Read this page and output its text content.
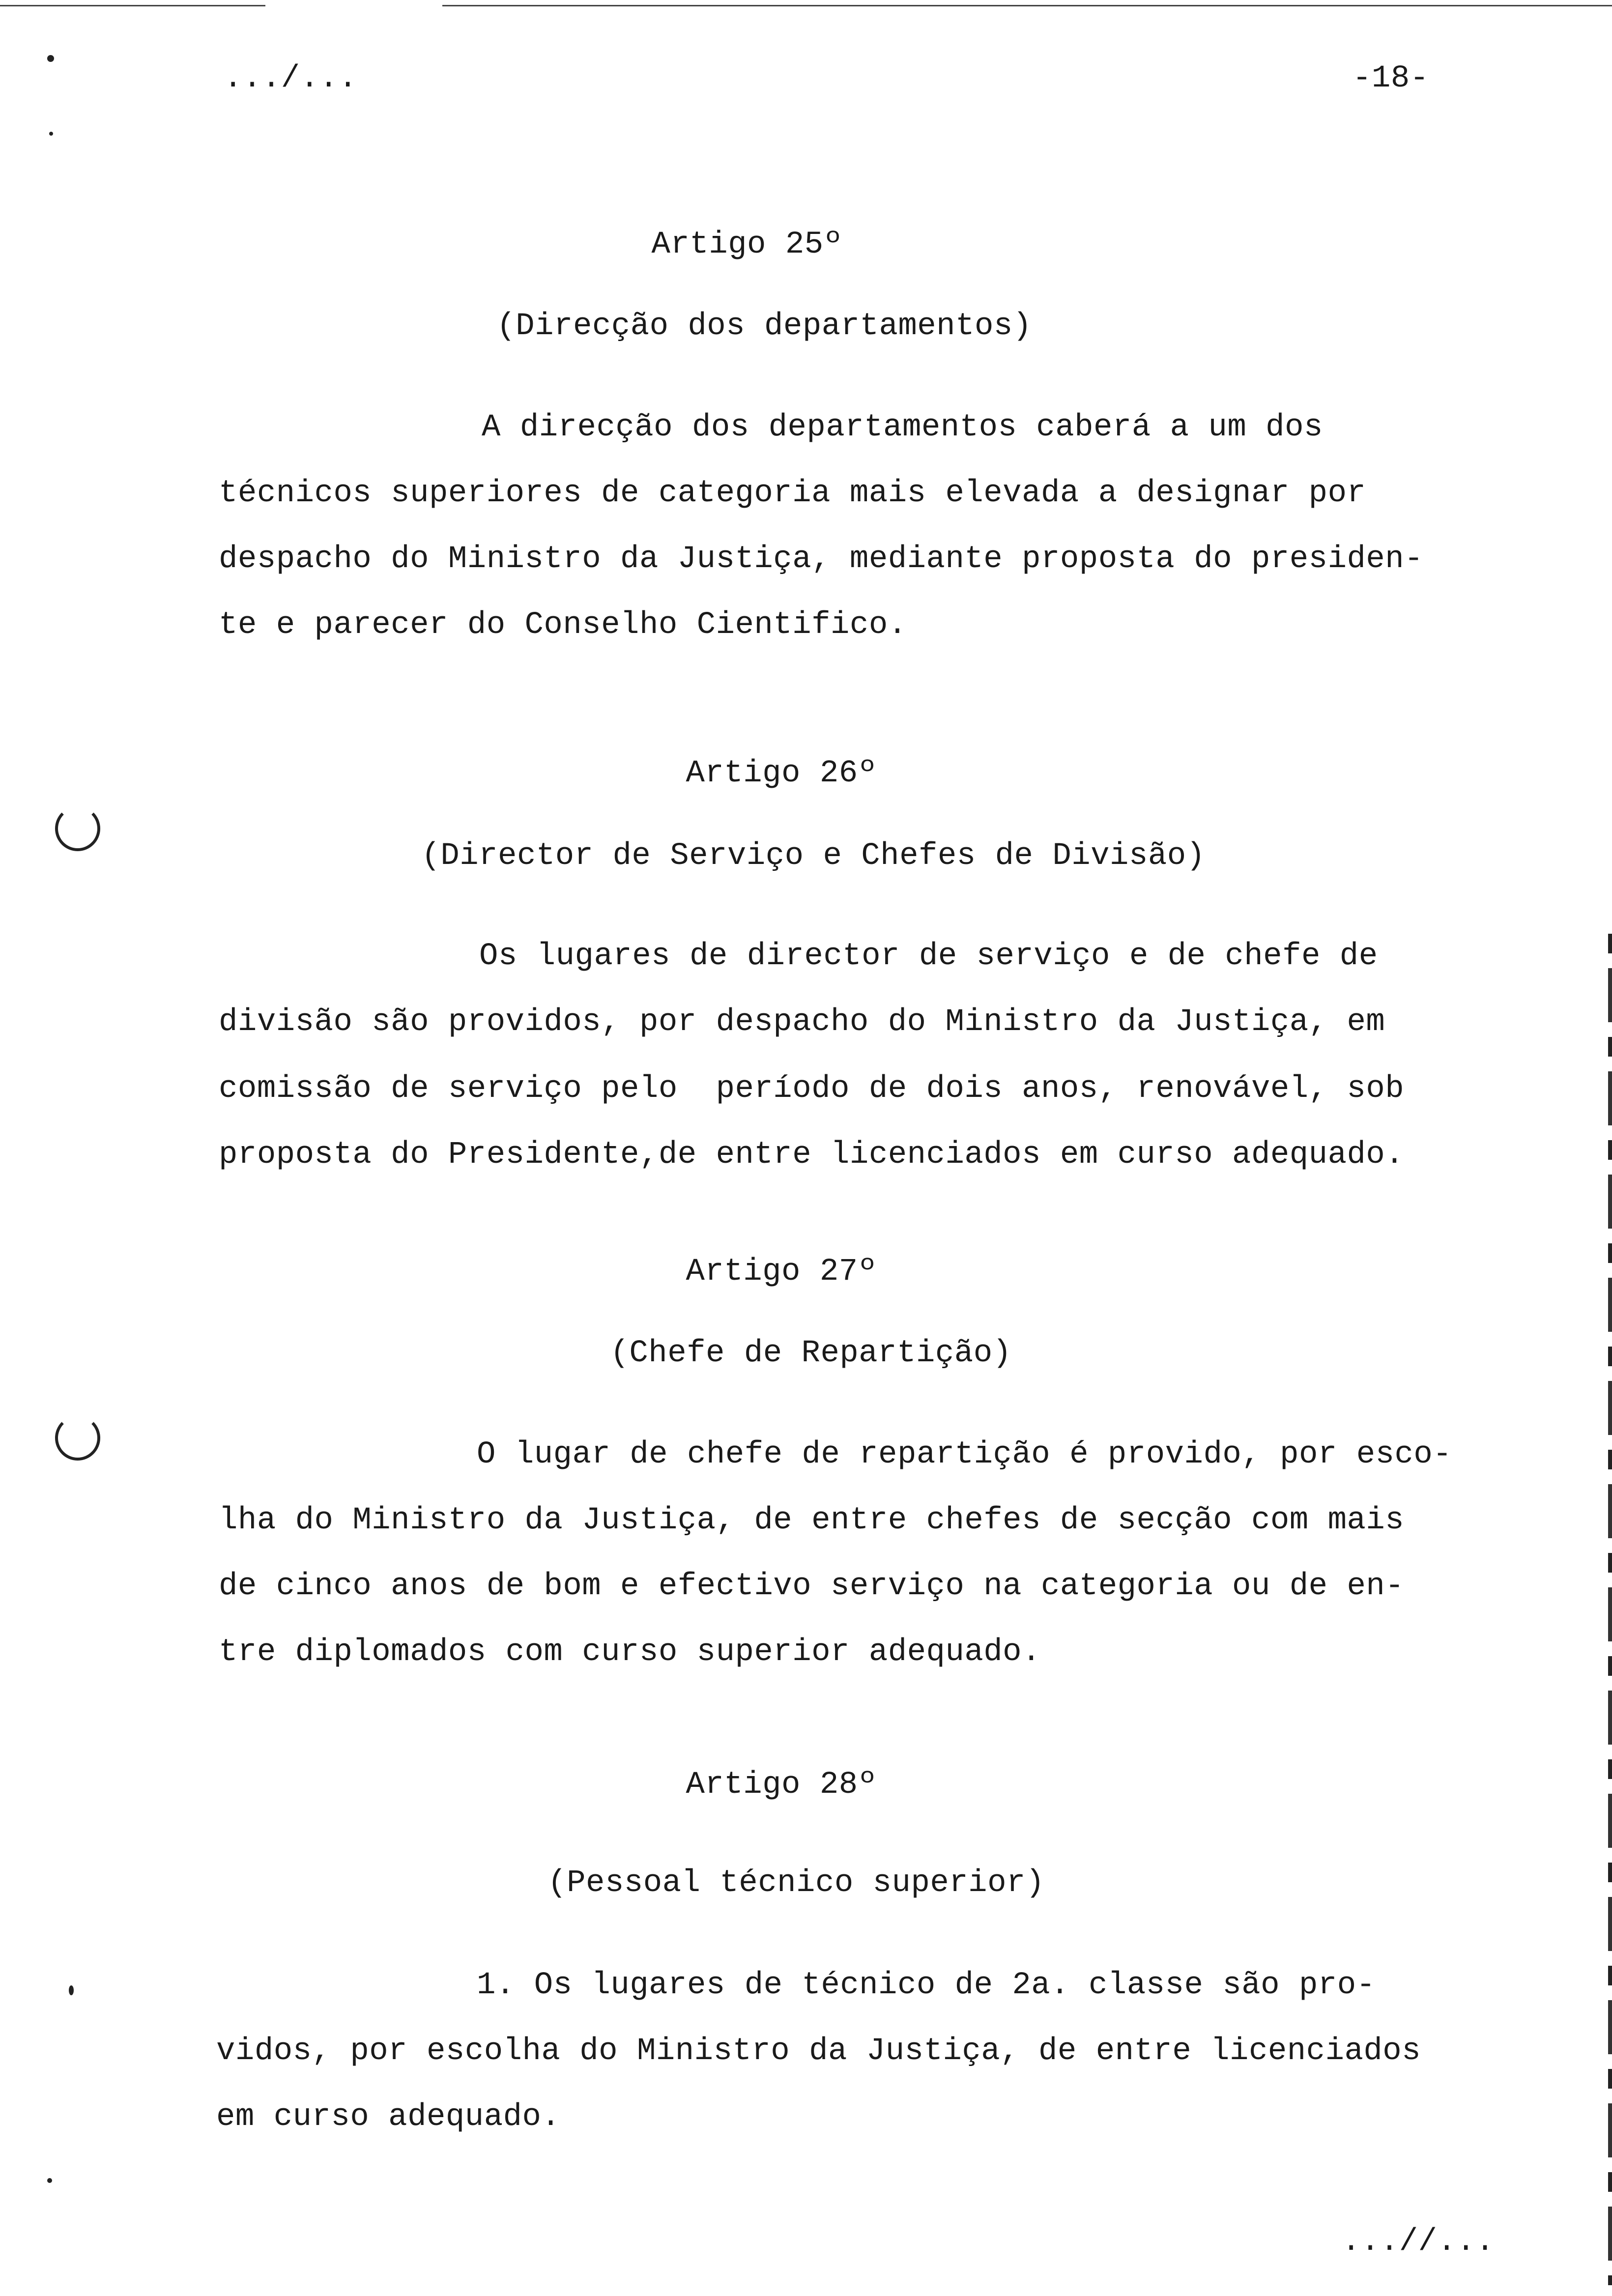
.../...	-18-
Artigo 25º
(Direcção dos departamentos)
A direcção dos departamentos caberá a um dos
técnicos superiores de categoria mais elevada a designar por
despacho do Ministro da Justiça, mediante proposta do presiden-
te e parecer do Conselho Cientifico.
Artigo 26º
(Director de Serviço e Chefes de Divisão)
Os lugares de director de serviço e de chefe de
divisão são providos, por despacho do Ministro da Justiça, em
comissão de serviço pelo  período de dois anos, renovável, sob
proposta do Presidente,de entre licenciados em curso adequado.
Artigo 27º
(Chefe de Repartição)
O lugar de chefe de repartição é provido, por esco-
lha do Ministro da Justiça, de entre chefes de secção com mais
de cinco anos de bom e efectivo serviço na categoria ou de en-
tre diplomados com curso superior adequado.
Artigo 28º
(Pessoal técnico superior)
1. Os lugares de técnico de 2a. classe são pro-
vidos, por escolha do Ministro da Justiça, de entre licenciados
em curso adequado.
...//...
